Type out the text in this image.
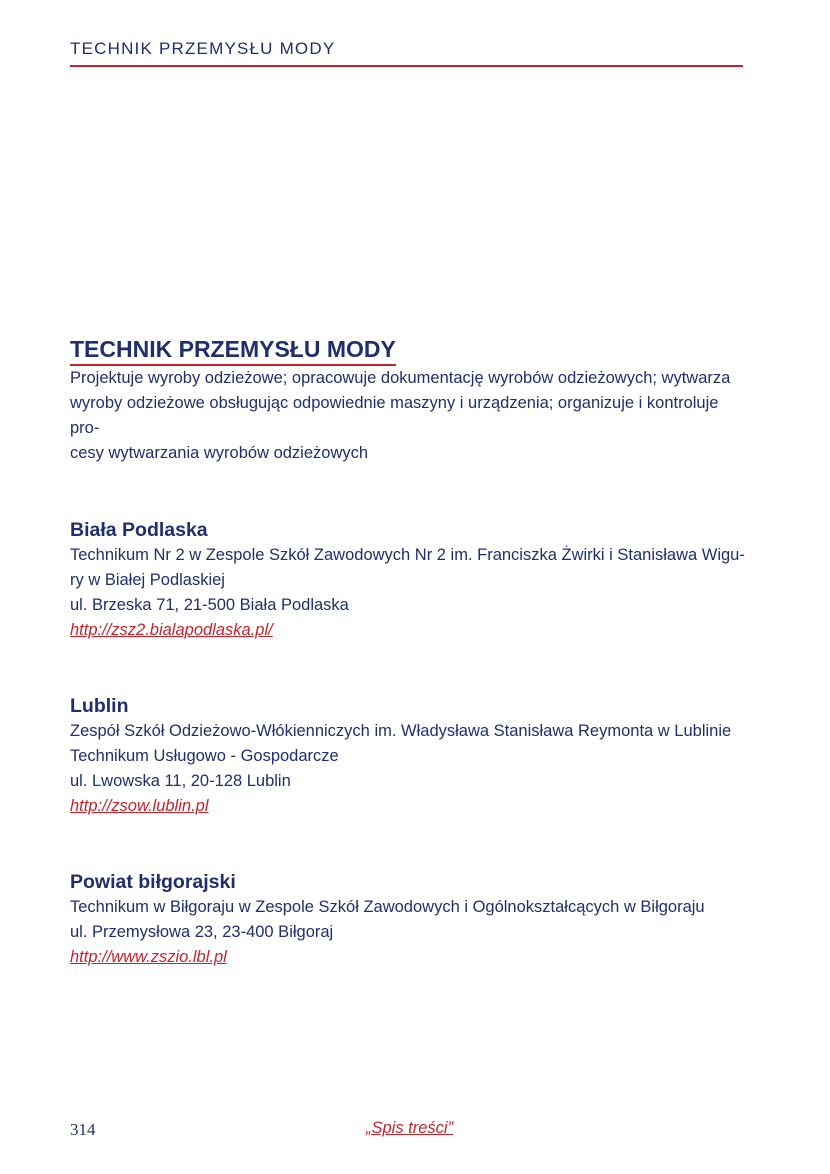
TECHNIK PRZEMYSŁU MODY
TECHNIK PRZEMYSŁU MODY
Projektuje wyroby odzieżowe; opracowuje dokumentację wyrobów odzieżowych; wytwarza
wyroby odzieżowe obsługując odpowiednie maszyny i urządzenia; organizuje i kontroluje pro-
cesy wytwarzania wyrobów odzieżowych
Biała Podlaska
Technikum Nr 2 w Zespole Szkół Zawodowych Nr 2 im. Franciszka Żwirki i Stanisława Wigu-
ry w Białej Podlaskiej
ul. Brzeska 71, 21-500 Biała Podlaska
http://zsz2.bialapodlaska.pl/
Lublin
Zespół Szkół Odzieżowo-Włókienniczych im. Władysława Stanisława Reymonta w Lublinie
Technikum Usługowo - Gospodarcze
ul. Lwowska 11, 20-128 Lublin
http://zsow.lublin.pl
Powiat biłgorajski
Technikum w Biłgoraju w Zespole Szkół Zawodowych i Ogólnokształcących w Biłgoraju
ul. Przemysłowa 23, 23-400 Biłgoraj
http://www.zszio.lbl.pl
314	„Spis treści”
